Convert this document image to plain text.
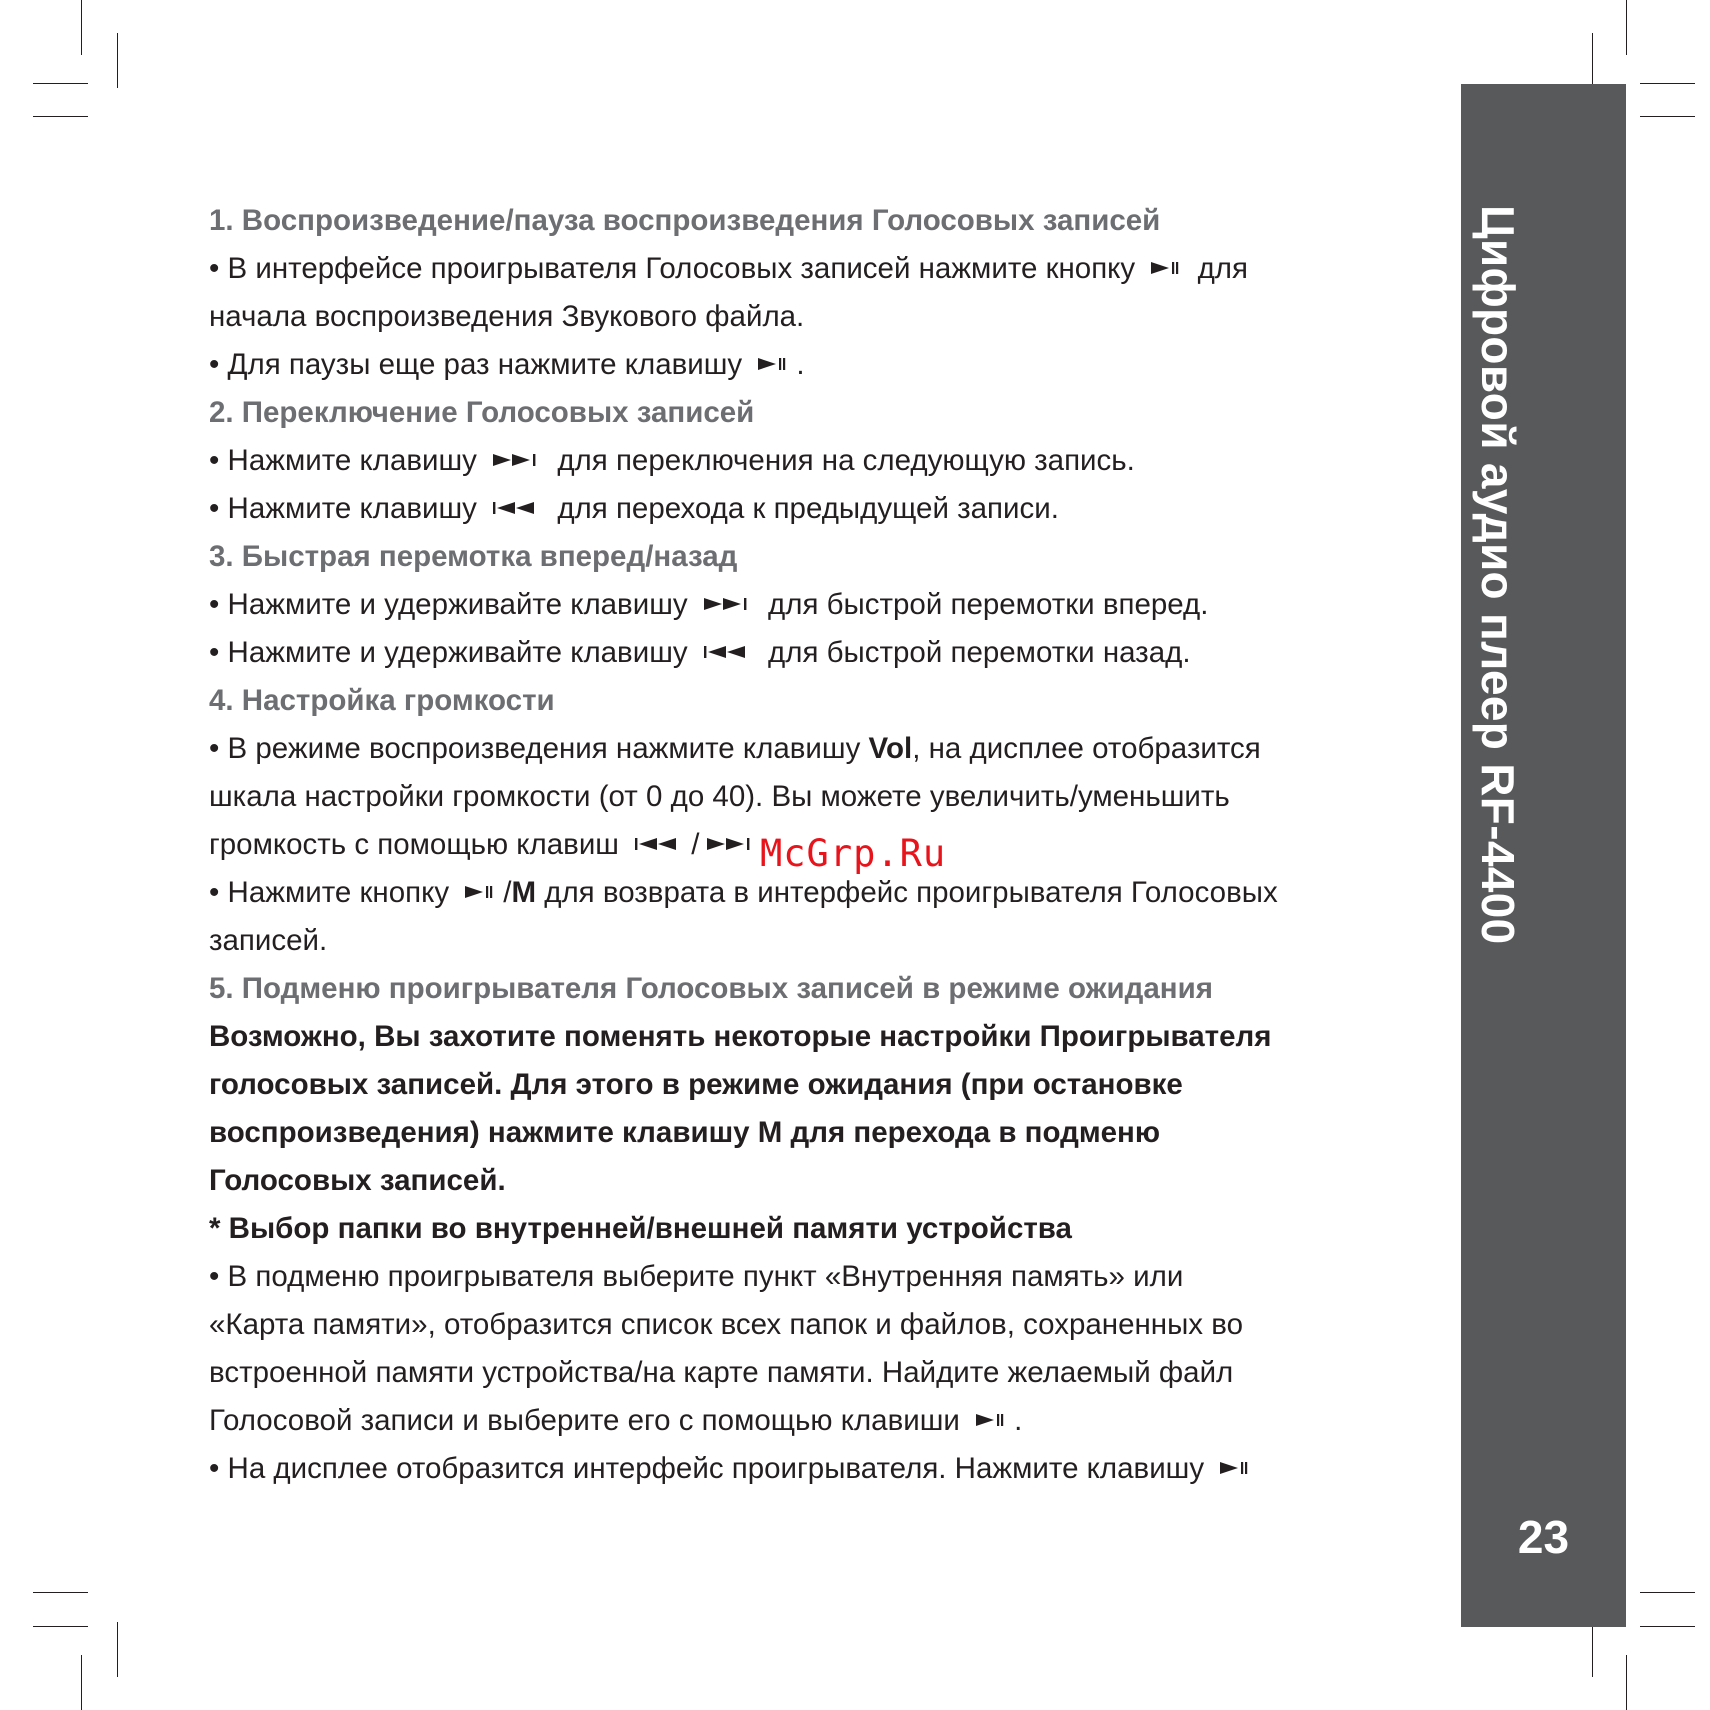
Цифровой аудио плеер RF-4400
23
1. Воспроизведение/пауза воспроизведения Голосовых записей
• В интерфейсе проигрывателя Голосовых записей нажмите кнопку для
начала воспроизведения Звукового файла.
• Для паузы еще раз нажмите клавишу .
2. Переключение Голосовых записей
• Нажмите клавишу	для переключения на следующую запись.
• Нажмите клавишу	для перехода к предыдущей записи.
3. Быстрая перемотка вперед/назад
• Нажмите и удерживайте клавишу	для быстрой перемотки вперед.
• Нажмите и удерживайте клавишу	для быстрой перемотки назад.
4. Настройка громкости
• В режиме воспроизведения нажмите клавишу Vol, на дисплее отобразится
шкала настройки громкости (от 0 до 40). Вы можете увеличить/уменьшить
громкость с помощью клавиш /
• Нажмите кнопку /M для возврата в интерфейс проигрывателя Голосовых
записей.
5. Подменю проигрывателя Голосовых записей в режиме ожидания
Возможно, Вы захотите поменять некоторые настройки Проигрывателя
голосовых записей. Для этого в режиме ожидания (при остановке
воспроизведения) нажмите клавишу M для перехода в подменю
Голосовых записей.
* Выбор папки во внутренней/внешней памяти устройства
• В подменю проигрывателя выберите пункт «Внутренняя память» или
«Карта памяти», отобразится список всех папок и файлов, сохраненных во
встроенной памяти устройства/на карте памяти. Найдите желаемый файл
Голосовой записи и выберите его с помощью клавиши .
• На дисплее отобразится интерфейс проигрывателя. Нажмите клавишу
McGrp.Ru
